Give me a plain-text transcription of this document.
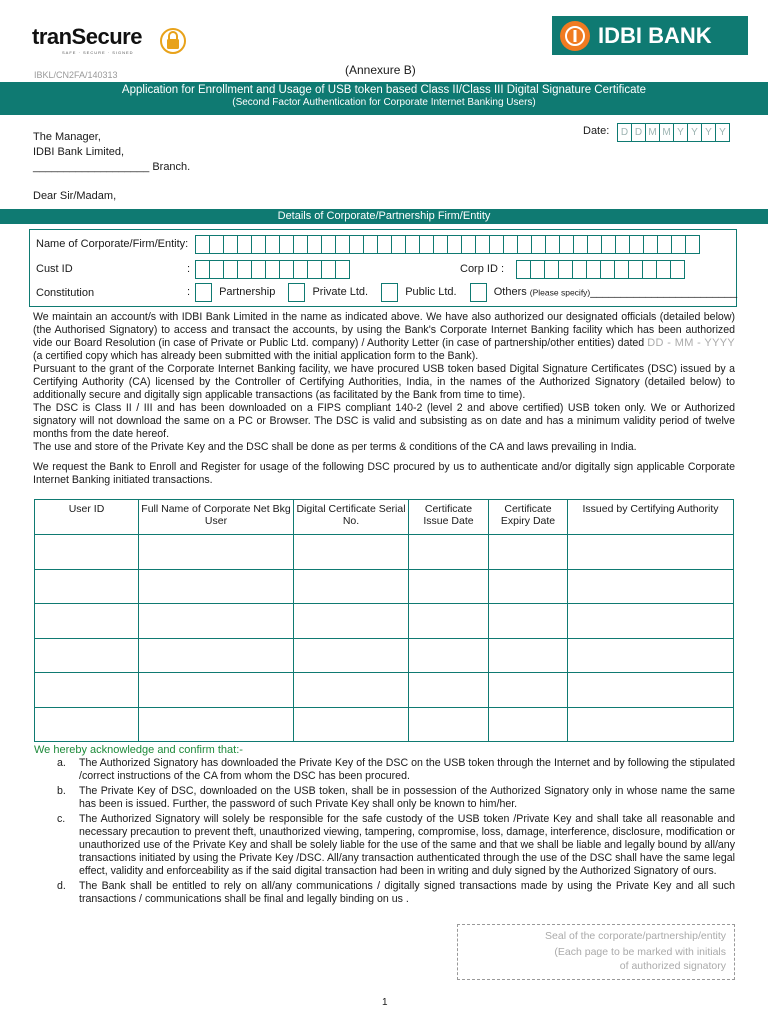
tranSecure
SAFE · SECURE · SIGNED
IBKL/CN2FA/140313	(Annexure B)
IDBI BANK
Application for Enrollment and Usage of USB token based Class II/Class III Digital Signature Certificate
(Second Factor Authentication for Corporate Internet Banking Users)
The Manager,
IDBI Bank Limited,
___________________ Branch.
Dear Sir/Madam,
Date:	D D M M Y Y Y Y
Details of Corporate/Partnership Firm/Entity
Name of Corporate/Firm/Entity:
Cust ID	:	Corp ID :
Constitution	:	Partnership	Private Ltd.	Public Ltd.	Others (Please specify)________________________

We maintain an account/s with IDBI Bank Limited in the name as indicated above. We have also authorized our designated officials (detailed below)(the Authorised Signatory) to access and transact the accounts, by using the Bank's Corporate Internet Banking facility which has been authorized vide our Board Resolution (in case of Private or Public Ltd. company) / Authority Letter (in case of partnership/other entities) dated DD - MM - YYYY (a certified copy which has already been submitted with the initial application form to the Bank).

Pursuant to the grant of the Corporate Internet Banking facility, we have procured USB token based Digital Signature Certificates (DSC) issued by a Certifying Authority (CA) licensed by the Controller of Certifying Authorities, India, in the names of the Authorized Signatory (detailed below) to additionally secure and digitally sign applicable transactions (as facilitated by the Bank from time to time).

The DSC is Class II / III and has been downloaded on a FIPS compliant 140-2 (level 2 and above certified) USB token only. We or Authorized signatory will not download the same on a PC or Browser. The DSC is valid and subsisting as on date and has a minimum validity period of twelve months from the date hereof.

The use and store of the Private Key and the DSC shall be done as per terms & conditions of the CA and laws prevailing in India.

We request the Bank to Enroll and Register for usage of the following DSC procured by us to authenticate and/or digitally sign applicable Corporate Internet Banking initiated transactions.

User ID	Full Name of Corporate Net Bkg User	Digital Certificate Serial No.	Certificate Issue Date	Certificate Expiry Date	Issued by Certifying Authority

We hereby acknowledge and confirm that:-
a.	The Authorized Signatory has downloaded the Private Key of the DSC on the USB token through the Internet and by following the stipulated /correct instructions of the CA from whom the DSC has been procured.
b.	The Private Key of DSC, downloaded on the USB token, shall be in possession of the Authorized Signatory only in whose name the same has been is issued. Further, the password of such Private Key shall only be known to him/her.
c.	The Authorized Signatory will solely be responsible for the safe custody of the USB token /Private Key and shall take all reasonable and necessary precaution to prevent theft, unauthorized viewing, tampering, compromise, loss, damage, interference, disclosure, modification or unauthorized use of the Private Key and shall be solely liable for the use of the same and that we shall be liable and legally bound by all/any transactions initiated by using the Private Key /DSC. All/any transaction authenticated through the use of the DSC shall have the same legal effect, validity and enforceability as if the said digital transaction had been in writing and duly signed by the Authorized Signatory of ours.
d.	The Bank shall be entitled to rely on all/any communications / digitally signed transactions made by using the Private Key and all such transactions / communications shall be final and legally binding on us .
Seal of the corporate/partnership/entity
(Each page to be marked with initials
of authorized signatory
1
